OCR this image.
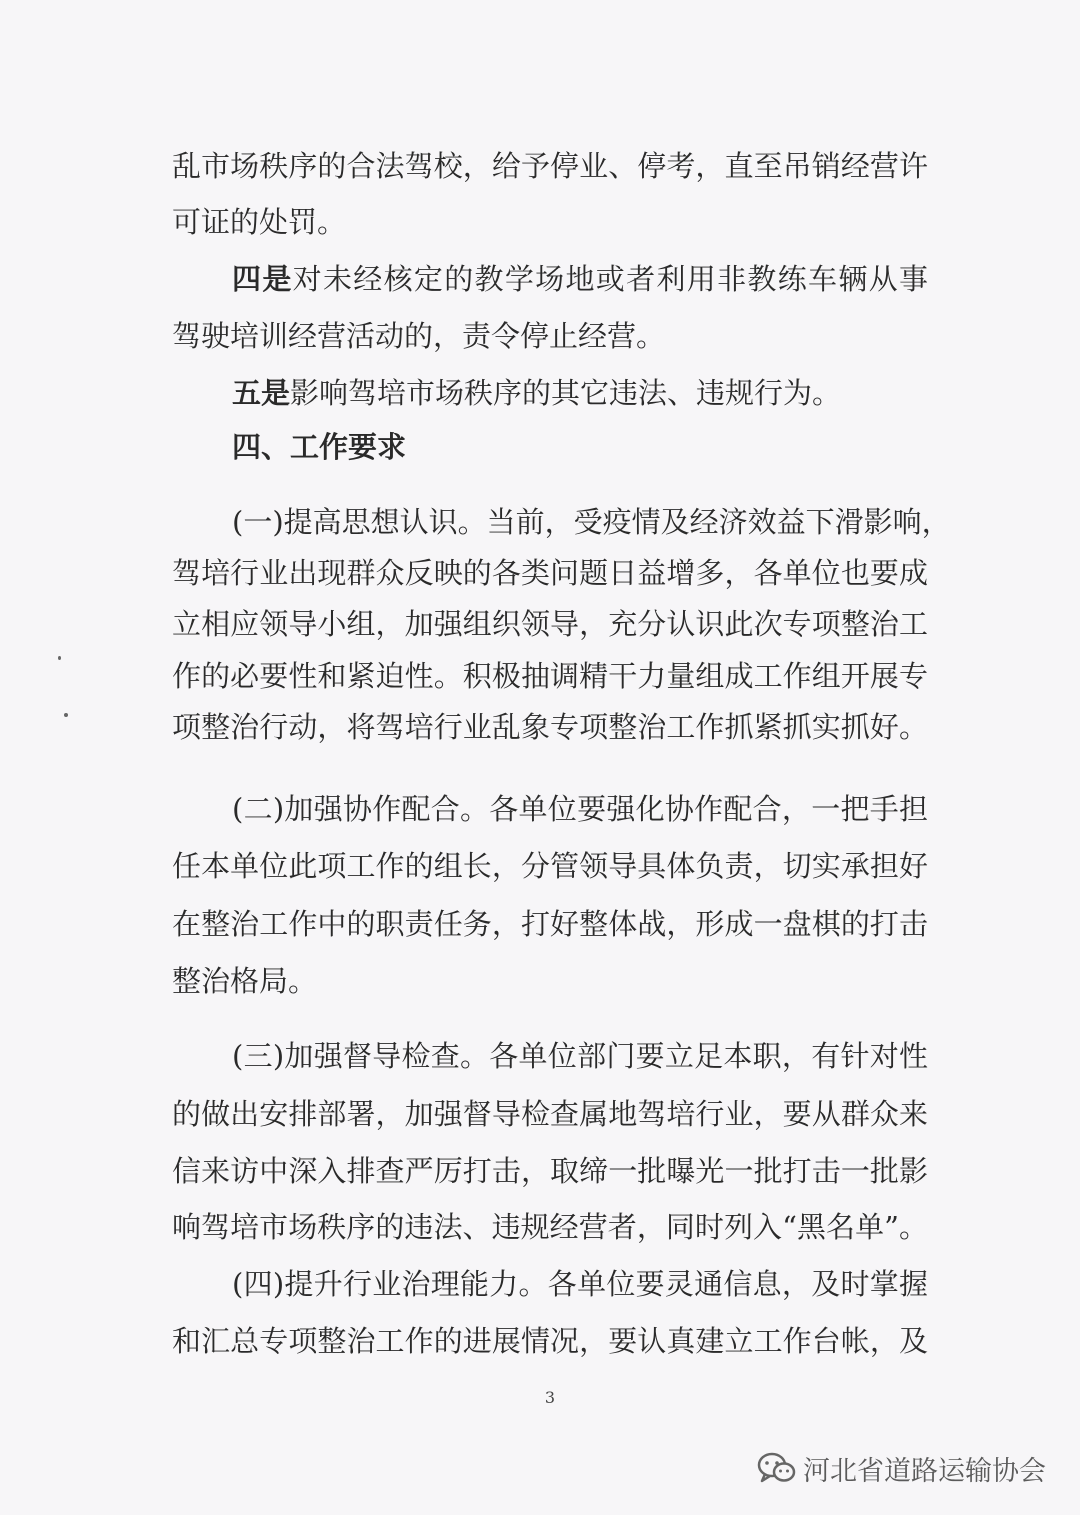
乱市场秩序的合法驾校，给予停业、停考，直至吊销经营许
可证的处罚。
四是对未经核定的教学场地或者利用非教练车辆从事
驾驶培训经营活动的，责令停止经营。
五是影响驾培市场秩序的其它违法、违规行为。
四、工作要求
(一)提高思想认识。当前，受疫情及经济效益下滑影响，
驾培行业出现群众反映的各类问题日益增多，各单位也要成
立相应领导小组，加强组织领导，充分认识此次专项整治工
作的必要性和紧迫性。积极抽调精干力量组成工作组开展专
项整治行动，将驾培行业乱象专项整治工作抓紧抓实抓好。
(二)加强协作配合。各单位要强化协作配合，一把手担
任本单位此项工作的组长，分管领导具体负责，切实承担好
在整治工作中的职责任务，打好整体战，形成一盘棋的打击
整治格局。
(三)加强督导检查。各单位部门要立足本职，有针对性
的做出安排部署，加强督导检查属地驾培行业，要从群众来
信来访中深入排查严厉打击，取缔一批曝光一批打击一批影
响驾培市场秩序的违法、违规经营者，同时列入“黑名单”。
(四)提升行业治理能力。各单位要灵通信息，及时掌握
和汇总专项整治工作的进展情况，要认真建立工作台帐，及
3
河北省道路运输协会
